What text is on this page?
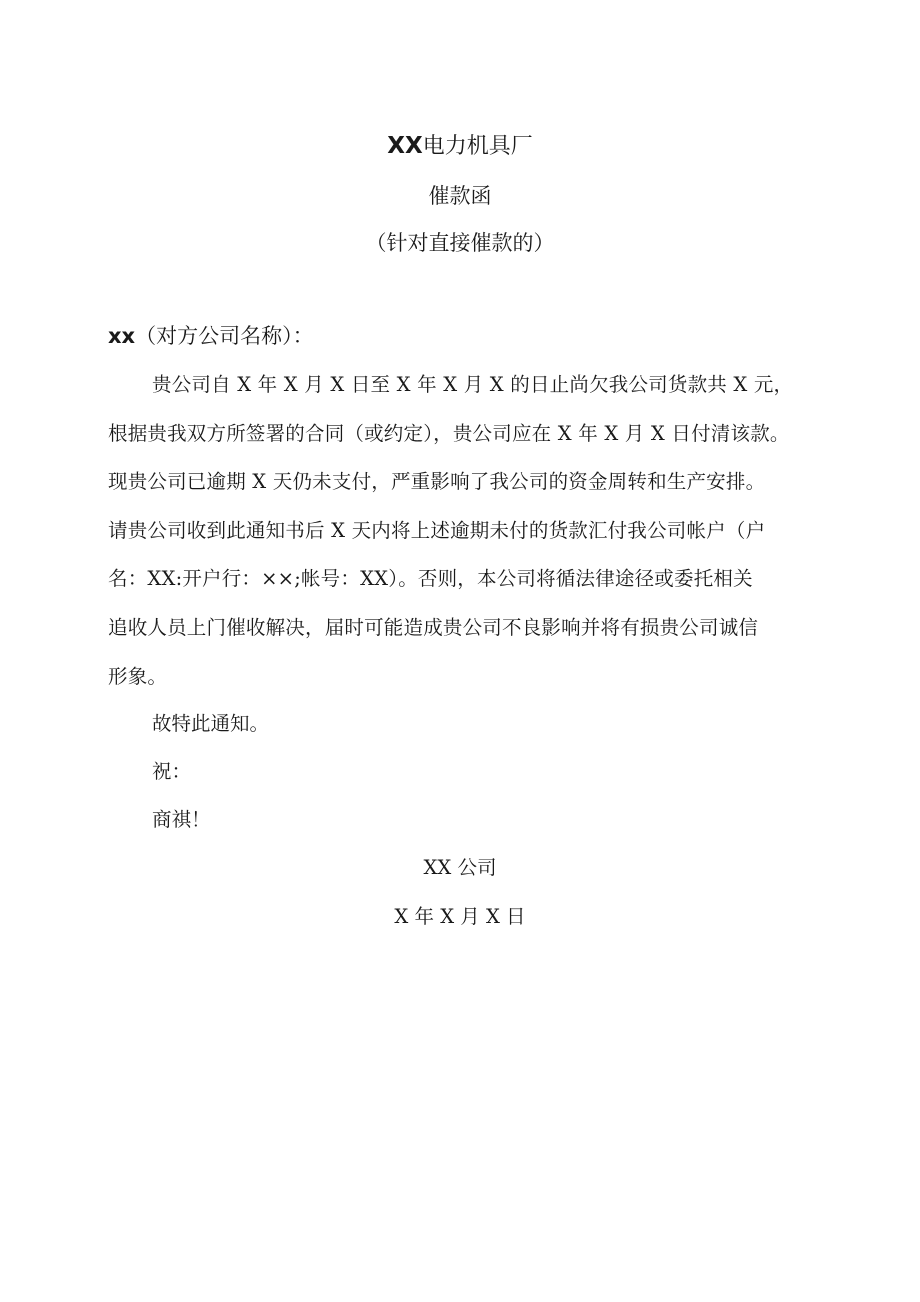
XX电力机具厂
催款函
（针对直接催款的）
xx（对方公司名称）：
贵公司自 X 年 X 月 X 日至 X 年 X 月 X 的日止尚欠我公司货款共 X 元，
根据贵我双方所签署的合同（或约定），贵公司应在 X 年 X 月 X 日付清该款。
现贵公司已逾期 X 天仍未支付，严重影响了我公司的资金周转和生产安排。
请贵公司收到此通知书后 X 天内将上述逾期未付的货款汇付我公司帐户（户
名：XX:开户行：××;帐号：XX）。否则，本公司将循法律途径或委托相关
追收人员上门催收解决，届时可能造成贵公司不良影响并将有损贵公司诚信
形象。
故特此通知。
祝：
商祺！
XX 公司
X 年 X 月 X 日
